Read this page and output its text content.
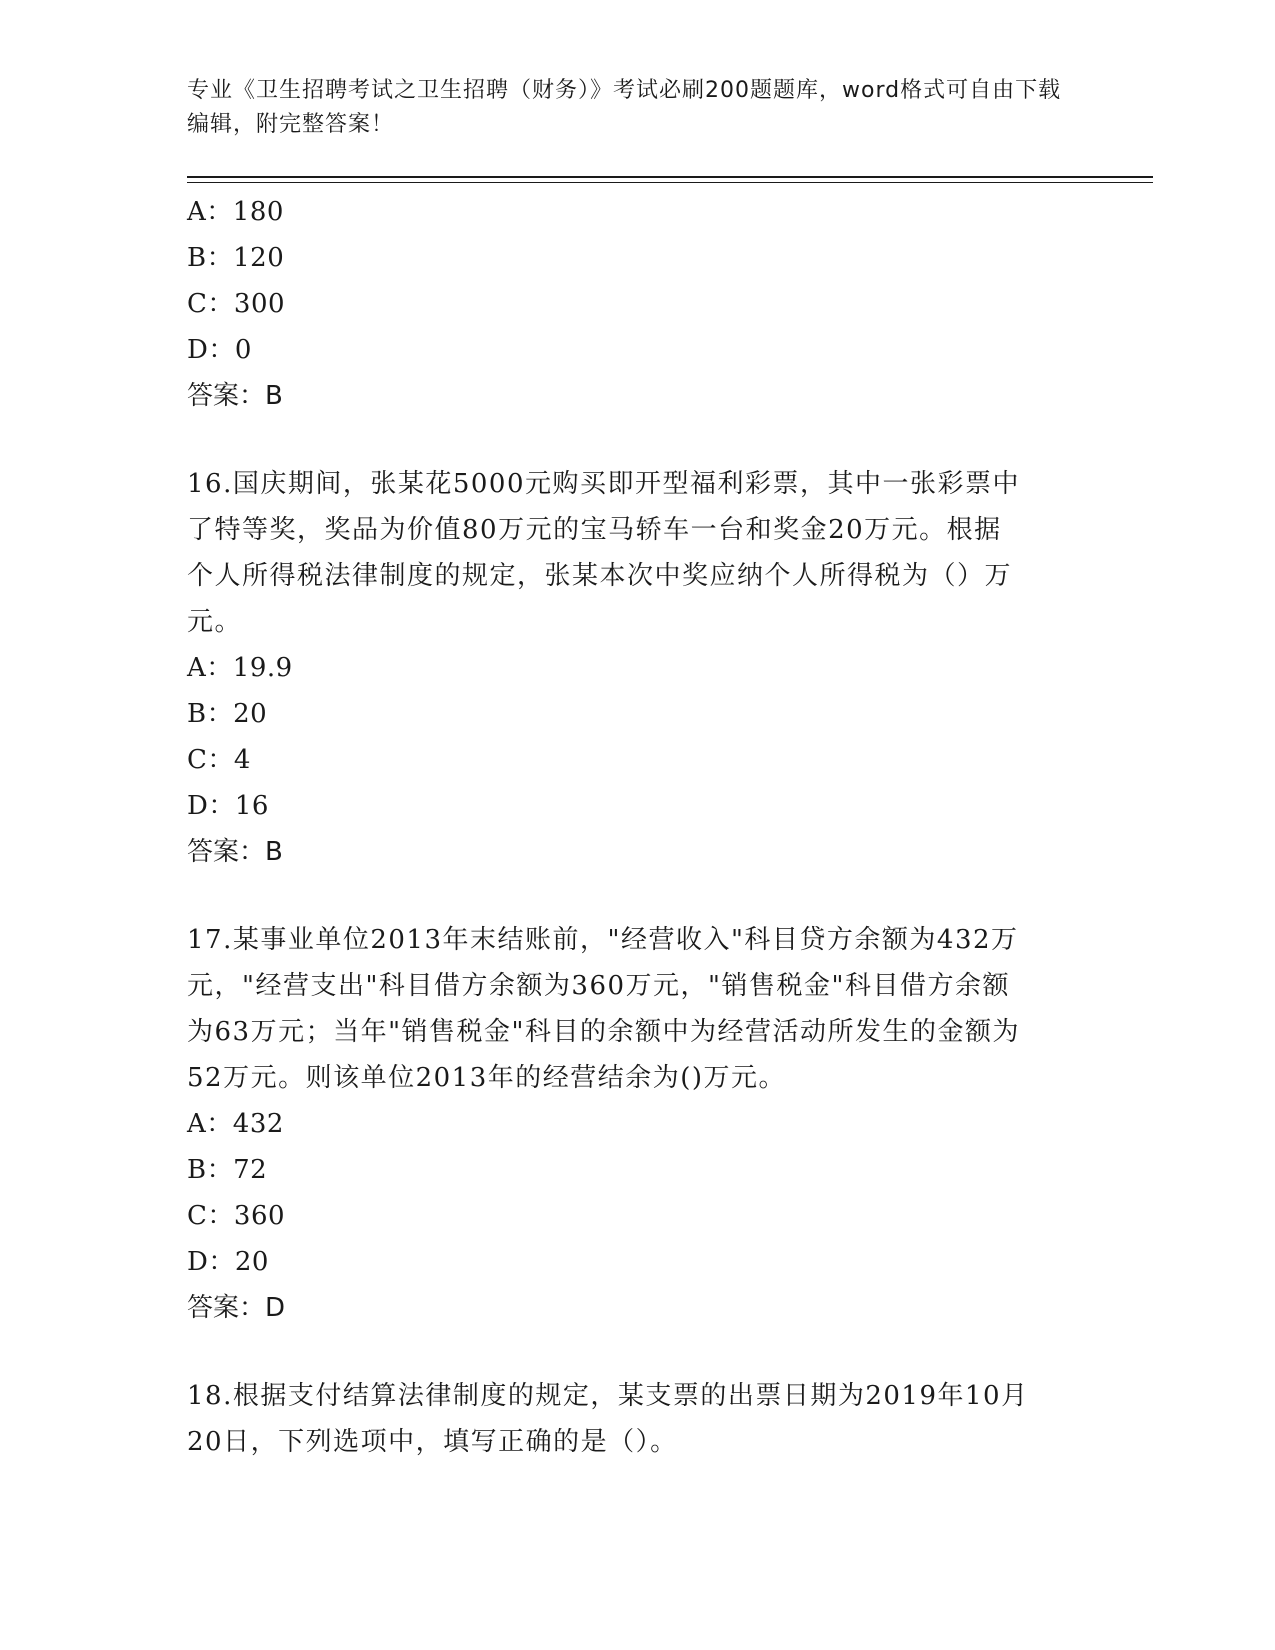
专业《卫生招聘考试之卫生招聘（财务）》考试必刷200题题库，word格式可自由下载编辑，附完整答案！
A：180
B：120
C：300
D：0
答案：B
16.国庆期间，张某花5000元购买即开型福利彩票，其中一张彩票中
了特等奖，奖品为价值80万元的宝马轿车一台和奖金20万元。根据
个人所得税法律制度的规定，张某本次中奖应纳个人所得税为（）万
元。
A：19.9
B：20
C：4
D：16
答案：B
17.某事业单位2013年末结账前，"经营收入"科目贷方余额为432万
元，"经营支出"科目借方余额为360万元，"销售税金"科目借方余额
为63万元；当年"销售税金"科目的余额中为经营活动所发生的金额为
52万元。则该单位2013年的经营结余为()万元。
A：432
B：72
C：360
D：20
答案：D
18.根据支付结算法律制度的规定，某支票的出票日期为2019年10月
20日，下列选项中，填写正确的是（）。
